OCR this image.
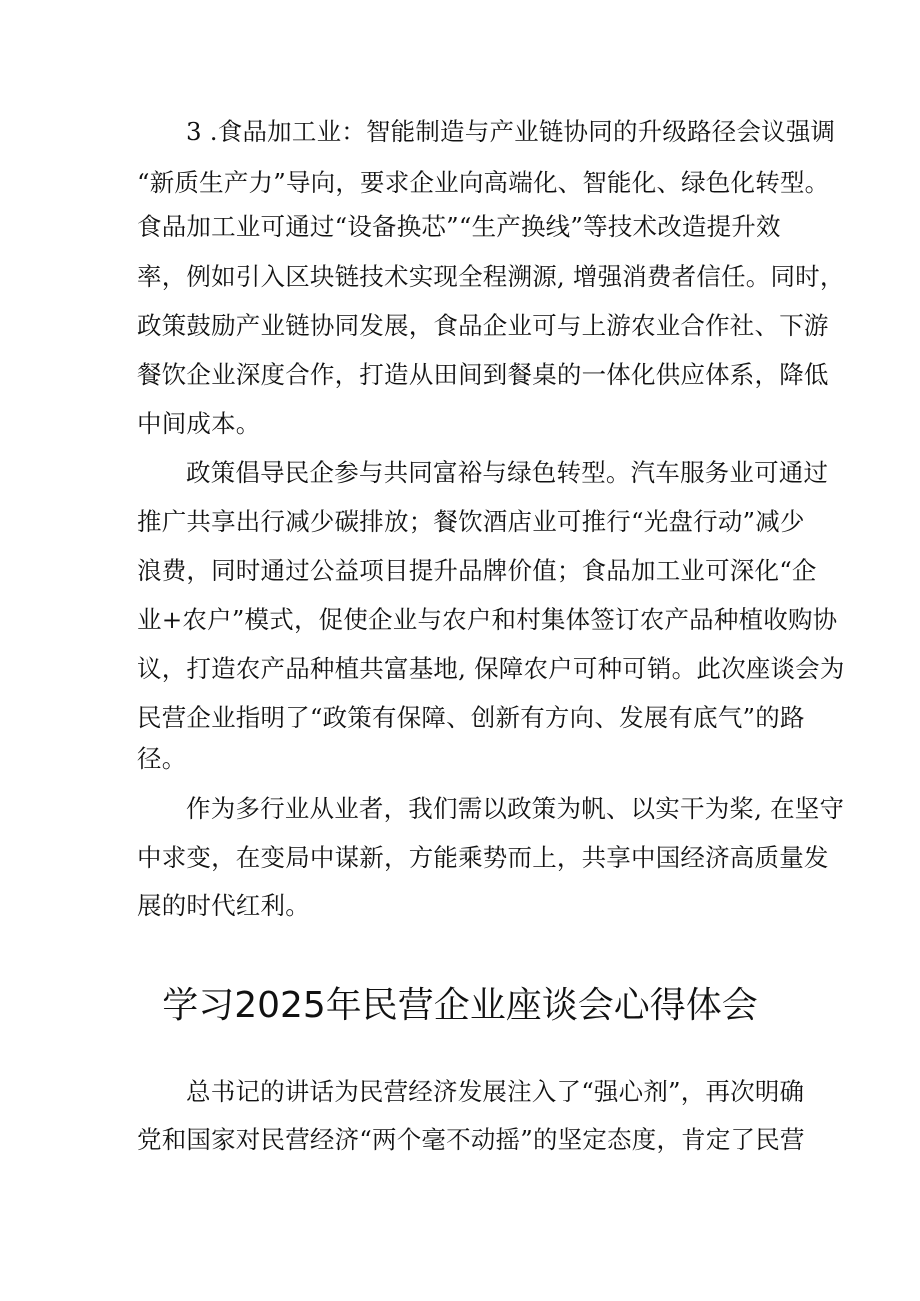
3 .食品加工业：智能制造与产业链协同的升级路径会议强调
“新质生产力”导向，要求企业向高端化、智能化、绿色化转型。
食品加工业可通过“设备换芯”“生产换线”等技术改造提升效
率，例如引入区块链技术实现全程溯源, 增强消费者信任。同时，
政策鼓励产业链协同发展，食品企业可与上游农业合作社、下游
餐饮企业深度合作，打造从田间到餐桌的一体化供应体系，降低
中间成本。
政策倡导民企参与共同富裕与绿色转型。汽车服务业可通过
推广共享出行减少碳排放；餐饮酒店业可推行“光盘行动”减少
浪费，同时通过公益项目提升品牌价值；食品加工业可深化“企
业+农户”模式，促使企业与农户和村集体签订农产品种植收购协
议，打造农产品种植共富基地, 保障农户可种可销。此次座谈会为
民营企业指明了“政策有保障、创新有方向、发展有底气”的路
径。
作为多行业从业者，我们需以政策为帆、以实干为桨, 在坚守
中求变，在变局中谋新，方能乘势而上，共享中国经济高质量发
展的时代红利。
学习2025年民营企业座谈会心得体会
总书记的讲话为民营经济发展注入了“强心剂”，再次明确
党和国家对民营经济“两个毫不动摇”的坚定态度，肯定了民营
